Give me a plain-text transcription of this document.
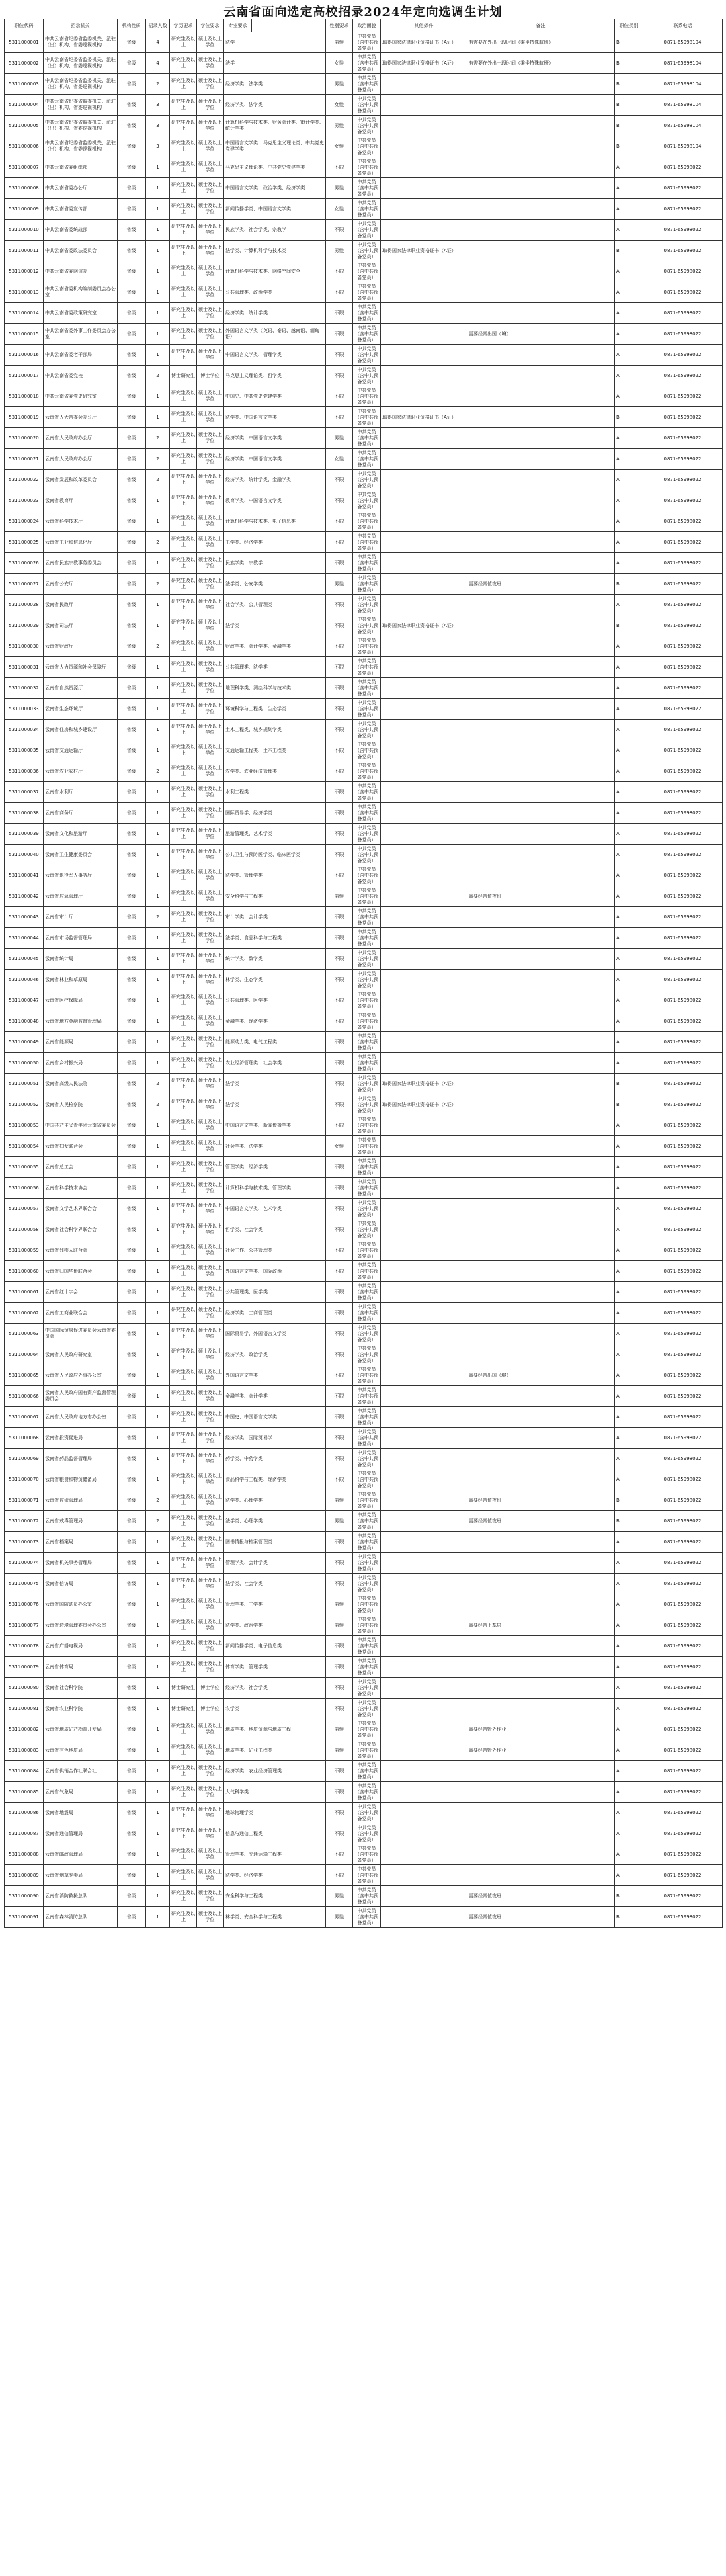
云南省面向选定高校招录2024年定向选调生计划
职位代码	招录机关	机构性质	招录人数	学历要求	学位要求	专业要求		性别要求	政治面貌	其他条件	备注	职位类别	联系电话
5311000001	中共云南省纪委省监委机关、派驻（出）机构、省委巡视机构	省级	4	研究生及以上	硕士及以上学位	法学		男性	中共党员（含中共预备党员）	取得国家法律职业资格证书（A证）	有需要在外出一段时间（乘坐特殊航班）	B	0871-65998104
5311000002	中共云南省纪委省监委机关、派驻（出）机构、省委巡视机构	省级	4	研究生及以上	硕士及以上学位	法学		女性	中共党员（含中共预备党员）	取得国家法律职业资格证书（A证）	有需要在外出一段时间（乘坐特殊航班）	B	0871-65998104
5311000003	中共云南省纪委省监委机关、派驻（出）机构、省委巡视机构	省级	2	研究生及以上	硕士及以上学位	经济学类、法学类		男性	中共党员（含中共预备党员）			B	0871-65998104
5311000004	中共云南省纪委省监委机关、派驻（出）机构、省委巡视机构	省级	3	研究生及以上	硕士及以上学位	经济学类、法学类		女性	中共党员（含中共预备党员）			B	0871-65998104
5311000005	中共云南省纪委省监委机关、派驻（出）机构、省委巡视机构	省级	3	研究生及以上	硕士及以上学位	计算机科学与技术类、财务会计类、审计学类、统计学类		男性	中共党员（含中共预备党员）			B	0871-65998104
5311000006	中共云南省纪委省监委机关、派驻（出）机构、省委巡视机构	省级	3	研究生及以上	硕士及以上学位	中国语言文学类、马克思主义理论类、中共党史党建学类		女性	中共党员（含中共预备党员）			B	0871-65998104
5311000007	中共云南省委组织部	省级	1	研究生及以上	硕士及以上学位	马克思主义理论类、中共党史党建学类		不限	中共党员（含中共预备党员）			A	0871-65998022
5311000008	中共云南省委办公厅	省级	1	研究生及以上	硕士及以上学位	中国语言文学类、政治学类、经济学类		男性	中共党员（含中共预备党员）			A	0871-65998022
5311000009	中共云南省委宣传部	省级	1	研究生及以上	硕士及以上学位	新闻传播学类、中国语言文学类		女性	中共党员（含中共预备党员）			A	0871-65998022
5311000010	中共云南省委统战部	省级	1	研究生及以上	硕士及以上学位	民族学类、社会学类、宗教学		不限	中共党员（含中共预备党员）			A	0871-65998022
5311000011	中共云南省委政法委员会	省级	1	研究生及以上	硕士及以上学位	法学类、计算机科学与技术类		男性	中共党员（含中共预备党员）	取得国家法律职业资格证书（A证）		B	0871-65998022
5311000012	中共云南省委网信办	省级	1	研究生及以上	硕士及以上学位	计算机科学与技术类、网络空间安全		不限	中共党员（含中共预备党员）			A	0871-65998022
5311000013	中共云南省委机构编制委员会办公室	省级	1	研究生及以上	硕士及以上学位	公共管理类、政治学类		不限	中共党员（含中共预备党员）			A	0871-65998022
5311000014	中共云南省委政策研究室	省级	1	研究生及以上	硕士及以上学位	经济学类、统计学类		不限	中共党员（含中共预备党员）			A	0871-65998022
5311000015	中共云南省委外事工作委员会办公室	省级	1	研究生及以上	硕士及以上学位	外国语言文学类（英语、泰语、越南语、缅甸语）		不限	中共党员（含中共预备党员）		需要经常出国（境）	A	0871-65998022
5311000016	中共云南省委老干部局	省级	1	研究生及以上	硕士及以上学位	中国语言文学类、管理学类		不限	中共党员（含中共预备党员）			A	0871-65998022
5311000017	中共云南省委党校	省级	2	博士研究生	博士学位	马克思主义理论类、哲学类		不限	中共党员（含中共预备党员）			A	0871-65998022
5311000018	中共云南省委党史研究室	省级	1	研究生及以上	硕士及以上学位	中国史、中共党史党建学类		不限	中共党员（含中共预备党员）			A	0871-65998022
5311000019	云南省人大常委会办公厅	省级	1	研究生及以上	硕士及以上学位	法学类、中国语言文学类		不限	中共党员（含中共预备党员）	取得国家法律职业资格证书（A证）		B	0871-65998022
5311000020	云南省人民政府办公厅	省级	2	研究生及以上	硕士及以上学位	经济学类、中国语言文学类		男性	中共党员（含中共预备党员）			A	0871-65998022
5311000021	云南省人民政府办公厅	省级	2	研究生及以上	硕士及以上学位	经济学类、中国语言文学类		女性	中共党员（含中共预备党员）			A	0871-65998022
5311000022	云南省发展和改革委员会	省级	2	研究生及以上	硕士及以上学位	经济学类、统计学类、金融学类		不限	中共党员（含中共预备党员）			A	0871-65998022
5311000023	云南省教育厅	省级	1	研究生及以上	硕士及以上学位	教育学类、中国语言文学类		不限	中共党员（含中共预备党员）			A	0871-65998022
5311000024	云南省科学技术厅	省级	1	研究生及以上	硕士及以上学位	计算机科学与技术类、电子信息类		不限	中共党员（含中共预备党员）			A	0871-65998022
5311000025	云南省工业和信息化厅	省级	2	研究生及以上	硕士及以上学位	工学类、经济学类		不限	中共党员（含中共预备党员）			A	0871-65998022
5311000026	云南省民族宗教事务委员会	省级	1	研究生及以上	硕士及以上学位	民族学类、宗教学		不限	中共党员（含中共预备党员）			A	0871-65998022
5311000027	云南省公安厅	省级	2	研究生及以上	硕士及以上学位	法学类、公安学类		男性	中共党员（含中共预备党员）		需要经常值夜班	B	0871-65998022
5311000028	云南省民政厅	省级	1	研究生及以上	硕士及以上学位	社会学类、公共管理类		不限	中共党员（含中共预备党员）			A	0871-65998022
5311000029	云南省司法厅	省级	1	研究生及以上	硕士及以上学位	法学类		不限	中共党员（含中共预备党员）	取得国家法律职业资格证书（A证）		B	0871-65998022
5311000030	云南省财政厅	省级	2	研究生及以上	硕士及以上学位	财政学类、会计学类、金融学类		不限	中共党员（含中共预备党员）			A	0871-65998022
5311000031	云南省人力资源和社会保障厅	省级	1	研究生及以上	硕士及以上学位	公共管理类、法学类		不限	中共党员（含中共预备党员）			A	0871-65998022
5311000032	云南省自然资源厅	省级	1	研究生及以上	硕士及以上学位	地理科学类、测绘科学与技术类		不限	中共党员（含中共预备党员）			A	0871-65998022
5311000033	云南省生态环境厅	省级	1	研究生及以上	硕士及以上学位	环境科学与工程类、生态学类		不限	中共党员（含中共预备党员）			A	0871-65998022
5311000034	云南省住房和城乡建设厅	省级	1	研究生及以上	硕士及以上学位	土木工程类、城乡规划学类		不限	中共党员（含中共预备党员）			A	0871-65998022
5311000035	云南省交通运输厅	省级	1	研究生及以上	硕士及以上学位	交通运输工程类、土木工程类		不限	中共党员（含中共预备党员）			A	0871-65998022
5311000036	云南省农业农村厅	省级	2	研究生及以上	硕士及以上学位	农学类、农业经济管理类		不限	中共党员（含中共预备党员）			A	0871-65998022
5311000037	云南省水利厅	省级	1	研究生及以上	硕士及以上学位	水利工程类		不限	中共党员（含中共预备党员）			A	0871-65998022
5311000038	云南省商务厅	省级	1	研究生及以上	硕士及以上学位	国际贸易学、经济学类		不限	中共党员（含中共预备党员）			A	0871-65998022
5311000039	云南省文化和旅游厅	省级	1	研究生及以上	硕士及以上学位	旅游管理类、艺术学类		不限	中共党员（含中共预备党员）			A	0871-65998022
5311000040	云南省卫生健康委员会	省级	1	研究生及以上	硕士及以上学位	公共卫生与预防医学类、临床医学类		不限	中共党员（含中共预备党员）			A	0871-65998022
5311000041	云南省退役军人事务厅	省级	1	研究生及以上	硕士及以上学位	法学类、管理学类		不限	中共党员（含中共预备党员）			A	0871-65998022
5311000042	云南省应急管理厅	省级	1	研究生及以上	硕士及以上学位	安全科学与工程类		男性	中共党员（含中共预备党员）		需要经常值夜班	A	0871-65998022
5311000043	云南省审计厅	省级	2	研究生及以上	硕士及以上学位	审计学类、会计学类		不限	中共党员（含中共预备党员）			A	0871-65998022
5311000044	云南省市场监督管理局	省级	1	研究生及以上	硕士及以上学位	法学类、食品科学与工程类		不限	中共党员（含中共预备党员）			A	0871-65998022
5311000045	云南省统计局	省级	1	研究生及以上	硕士及以上学位	统计学类、数学类		不限	中共党员（含中共预备党员）			A	0871-65998022
5311000046	云南省林业和草原局	省级	1	研究生及以上	硕士及以上学位	林学类、生态学类		不限	中共党员（含中共预备党员）			A	0871-65998022
5311000047	云南省医疗保障局	省级	1	研究生及以上	硕士及以上学位	公共管理类、医学类		不限	中共党员（含中共预备党员）			A	0871-65998022
5311000048	云南省地方金融监督管理局	省级	1	研究生及以上	硕士及以上学位	金融学类、经济学类		不限	中共党员（含中共预备党员）			A	0871-65998022
5311000049	云南省能源局	省级	1	研究生及以上	硕士及以上学位	能源动力类、电气工程类		不限	中共党员（含中共预备党员）			A	0871-65998022
5311000050	云南省乡村振兴局	省级	1	研究生及以上	硕士及以上学位	农业经济管理类、社会学类		不限	中共党员（含中共预备党员）			A	0871-65998022
5311000051	云南省高级人民法院	省级	2	研究生及以上	硕士及以上学位	法学类		不限	中共党员（含中共预备党员）	取得国家法律职业资格证书（A证）		B	0871-65998022
5311000052	云南省人民检察院	省级	2	研究生及以上	硕士及以上学位	法学类		不限	中共党员（含中共预备党员）	取得国家法律职业资格证书（A证）		B	0871-65998022
5311000053	中国共产主义青年团云南省委员会	省级	1	研究生及以上	硕士及以上学位	中国语言文学类、新闻传播学类		不限	中共党员（含中共预备党员）			A	0871-65998022
5311000054	云南省妇女联合会	省级	1	研究生及以上	硕士及以上学位	社会学类、法学类		女性	中共党员（含中共预备党员）			A	0871-65998022
5311000055	云南省总工会	省级	1	研究生及以上	硕士及以上学位	管理学类、经济学类		不限	中共党员（含中共预备党员）			A	0871-65998022
5311000056	云南省科学技术协会	省级	1	研究生及以上	硕士及以上学位	计算机科学与技术类、管理学类		不限	中共党员（含中共预备党员）			A	0871-65998022
5311000057	云南省文学艺术界联合会	省级	1	研究生及以上	硕士及以上学位	中国语言文学类、艺术学类		不限	中共党员（含中共预备党员）			A	0871-65998022
5311000058	云南省社会科学界联合会	省级	1	研究生及以上	硕士及以上学位	哲学类、社会学类		不限	中共党员（含中共预备党员）			A	0871-65998022
5311000059	云南省残疾人联合会	省级	1	研究生及以上	硕士及以上学位	社会工作、公共管理类		不限	中共党员（含中共预备党员）			A	0871-65998022
5311000060	云南省归国华侨联合会	省级	1	研究生及以上	硕士及以上学位	外国语言文学类、国际政治		不限	中共党员（含中共预备党员）			A	0871-65998022
5311000061	云南省红十字会	省级	1	研究生及以上	硕士及以上学位	公共管理类、医学类		不限	中共党员（含中共预备党员）			A	0871-65998022
5311000062	云南省工商业联合会	省级	1	研究生及以上	硕士及以上学位	经济学类、工商管理类		不限	中共党员（含中共预备党员）			A	0871-65998022
5311000063	中国国际贸易促进委员会云南省委员会	省级	1	研究生及以上	硕士及以上学位	国际贸易学、外国语言文学类		不限	中共党员（含中共预备党员）			A	0871-65998022
5311000064	云南省人民政府研究室	省级	1	研究生及以上	硕士及以上学位	经济学类、政治学类		不限	中共党员（含中共预备党员）			A	0871-65998022
5311000065	云南省人民政府外事办公室	省级	1	研究生及以上	硕士及以上学位	外国语言文学类		不限	中共党员（含中共预备党员）		需要经常出国（境）	A	0871-65998022
5311000066	云南省人民政府国有资产监督管理委员会	省级	1	研究生及以上	硕士及以上学位	金融学类、会计学类		不限	中共党员（含中共预备党员）			A	0871-65998022
5311000067	云南省人民政府地方志办公室	省级	1	研究生及以上	硕士及以上学位	中国史、中国语言文学类		不限	中共党员（含中共预备党员）			A	0871-65998022
5311000068	云南省投资促进局	省级	1	研究生及以上	硕士及以上学位	经济学类、国际贸易学		不限	中共党员（含中共预备党员）			A	0871-65998022
5311000069	云南省药品监督管理局	省级	1	研究生及以上	硕士及以上学位	药学类、中药学类		不限	中共党员（含中共预备党员）			A	0871-65998022
5311000070	云南省粮食和物资储备局	省级	1	研究生及以上	硕士及以上学位	食品科学与工程类、经济学类		不限	中共党员（含中共预备党员）			A	0871-65998022
5311000071	云南省监狱管理局	省级	2	研究生及以上	硕士及以上学位	法学类、心理学类		男性	中共党员（含中共预备党员）		需要经常值夜班	B	0871-65998022
5311000072	云南省戒毒管理局	省级	2	研究生及以上	硕士及以上学位	法学类、心理学类		男性	中共党员（含中共预备党员）		需要经常值夜班	B	0871-65998022
5311000073	云南省档案局	省级	1	研究生及以上	硕士及以上学位	图书情报与档案管理类		不限	中共党员（含中共预备党员）			A	0871-65998022
5311000074	云南省机关事务管理局	省级	1	研究生及以上	硕士及以上学位	管理学类、会计学类		不限	中共党员（含中共预备党员）			A	0871-65998022
5311000075	云南省信访局	省级	1	研究生及以上	硕士及以上学位	法学类、社会学类		不限	中共党员（含中共预备党员）			A	0871-65998022
5311000076	云南省国防动员办公室	省级	1	研究生及以上	硕士及以上学位	管理学类、工学类		男性	中共党员（含中共预备党员）			A	0871-65998022
5311000077	云南省边境管理委员会办公室	省级	1	研究生及以上	硕士及以上学位	法学类、政治学类		男性	中共党员（含中共预备党员）		需要经常下基层	A	0871-65998022
5311000078	云南省广播电视局	省级	1	研究生及以上	硕士及以上学位	新闻传播学类、电子信息类		不限	中共党员（含中共预备党员）			A	0871-65998022
5311000079	云南省体育局	省级	1	研究生及以上	硕士及以上学位	体育学类、管理学类		不限	中共党员（含中共预备党员）			A	0871-65998022
5311000080	云南省社会科学院	省级	1	博士研究生	博士学位	经济学类、社会学类		不限	中共党员（含中共预备党员）			A	0871-65998022
5311000081	云南省农业科学院	省级	1	博士研究生	博士学位	农学类		不限	中共党员（含中共预备党员）			A	0871-65998022
5311000082	云南省地质矿产勘查开发局	省级	1	研究生及以上	硕士及以上学位	地质学类、地质资源与地质工程		男性	中共党员（含中共预备党员）		需要经常野外作业	A	0871-65998022
5311000083	云南省有色地质局	省级	1	研究生及以上	硕士及以上学位	地质学类、矿业工程类		男性	中共党员（含中共预备党员）		需要经常野外作业	A	0871-65998022
5311000084	云南省供销合作社联合社	省级	1	研究生及以上	硕士及以上学位	经济学类、农业经济管理类		不限	中共党员（含中共预备党员）			A	0871-65998022
5311000085	云南省气象局	省级	1	研究生及以上	硕士及以上学位	大气科学类		不限	中共党员（含中共预备党员）			A	0871-65998022
5311000086	云南省地震局	省级	1	研究生及以上	硕士及以上学位	地球物理学类		不限	中共党员（含中共预备党员）			A	0871-65998022
5311000087	云南省通信管理局	省级	1	研究生及以上	硕士及以上学位	信息与通信工程类		不限	中共党员（含中共预备党员）			A	0871-65998022
5311000088	云南省邮政管理局	省级	1	研究生及以上	硕士及以上学位	管理学类、交通运输工程类		不限	中共党员（含中共预备党员）			A	0871-65998022
5311000089	云南省烟草专卖局	省级	1	研究生及以上	硕士及以上学位	法学类、经济学类		不限	中共党员（含中共预备党员）			A	0871-65998022
5311000090	云南省消防救援总队	省级	1	研究生及以上	硕士及以上学位	安全科学与工程类		男性	中共党员（含中共预备党员）		需要经常值夜班	B	0871-65998022
5311000091	云南省森林消防总队	省级	1	研究生及以上	硕士及以上学位	林学类、安全科学与工程类		男性	中共党员（含中共预备党员）		需要经常值夜班	B	0871-65998022
